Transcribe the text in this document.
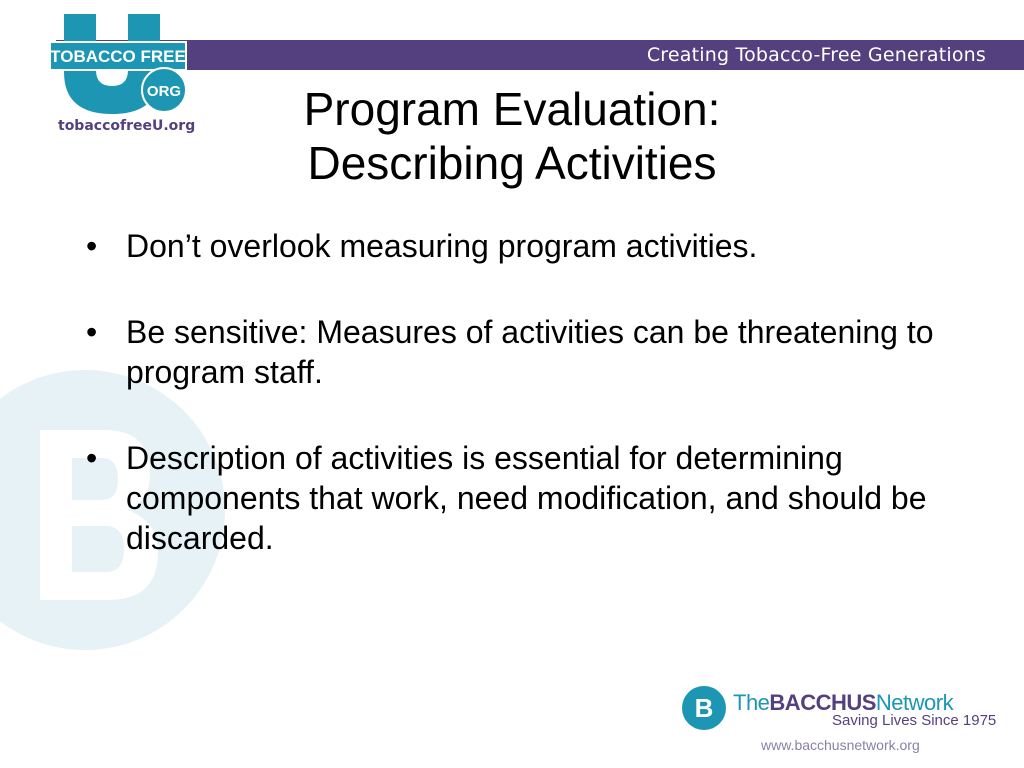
Creating Tobacco-Free Generations
TOBACCO FREE
ORG
tobaccofreeU.org	Program Evaluation:
Describing Activities
• Don’t overlook measuring program activities.
• Be sensitive: Measures of activities can be threatening to program staff.
• Description of activities is essential for determining components that work, need modification, and should be discarded.
B TheBACCHUSNetwork
Saving Lives Since 1975
www.bacchusnetwork.org
